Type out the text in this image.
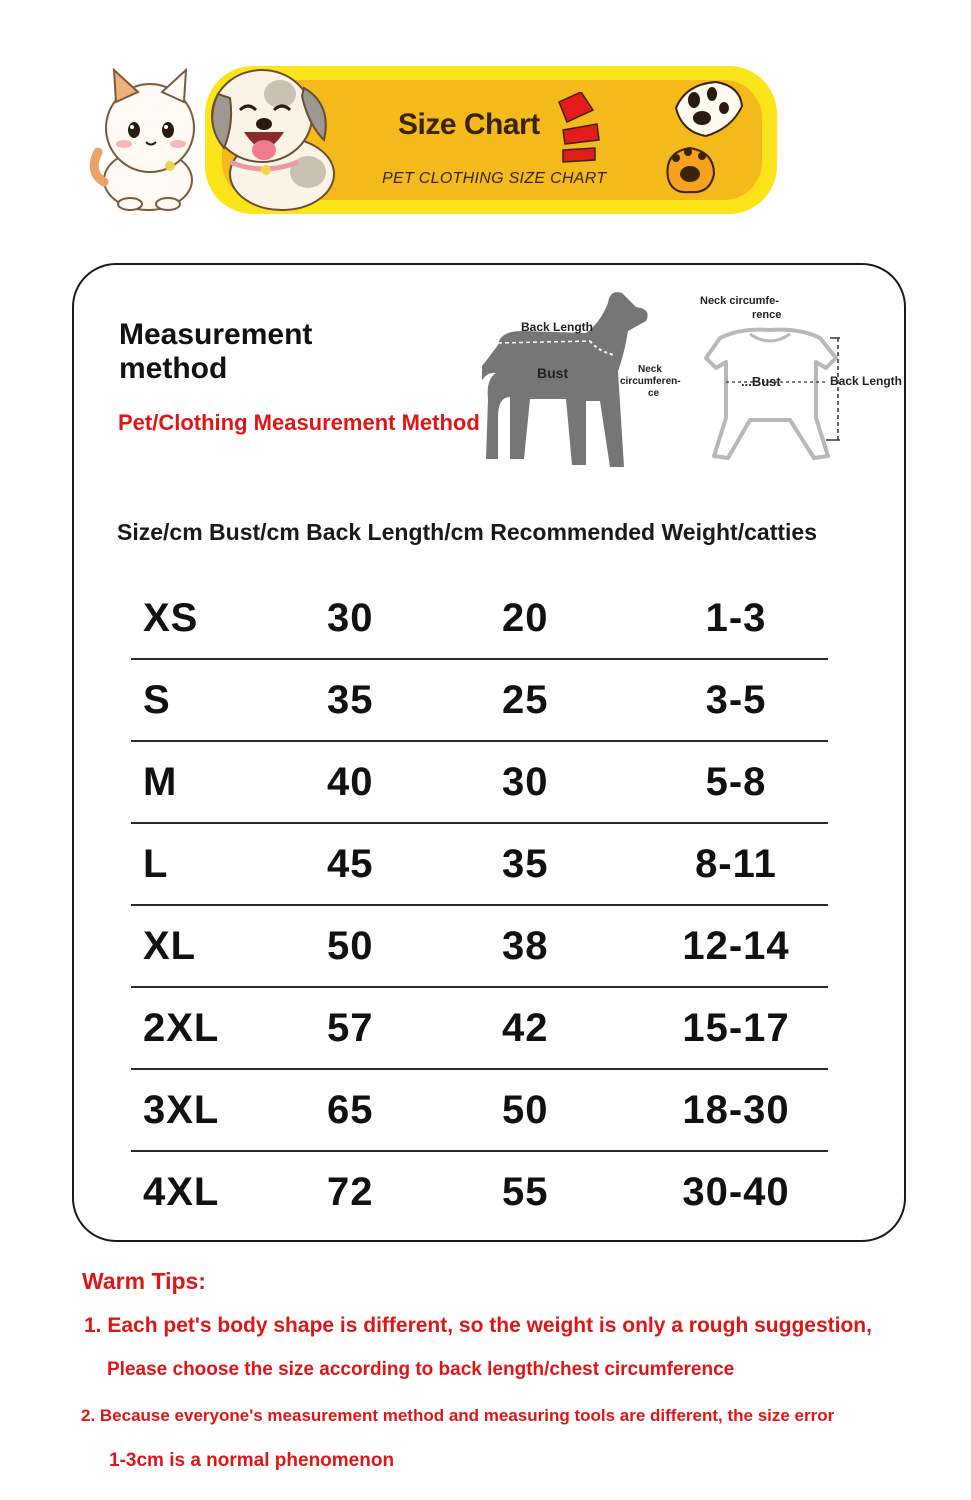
Size Chart
PET CLOTHING SIZE CHART
Measurement method
Pet/Clothing Measurement Method
Back Length
Bust	Neck
circumferen-
ce
Neck circumfe-
rence
...Bust	Back Length
Size/cm Bust/cm Back Length/cm Recommended Weight/catties
XS	30	20	1-3
S	35	25	3-5
M	40	30	5-8
L	45	35	8-11
XL	50	38	12-14
2XL	57	42	15-17
3XL	65	50	18-30
4XL	72	55	30-40
Warm Tips:
1. Each pet's body shape is different, so the weight is only a rough suggestion,
Please choose the size according to back length/chest circumference
2. Because everyone's measurement method and measuring tools are different, the size error
1-3cm is a normal phenomenon
